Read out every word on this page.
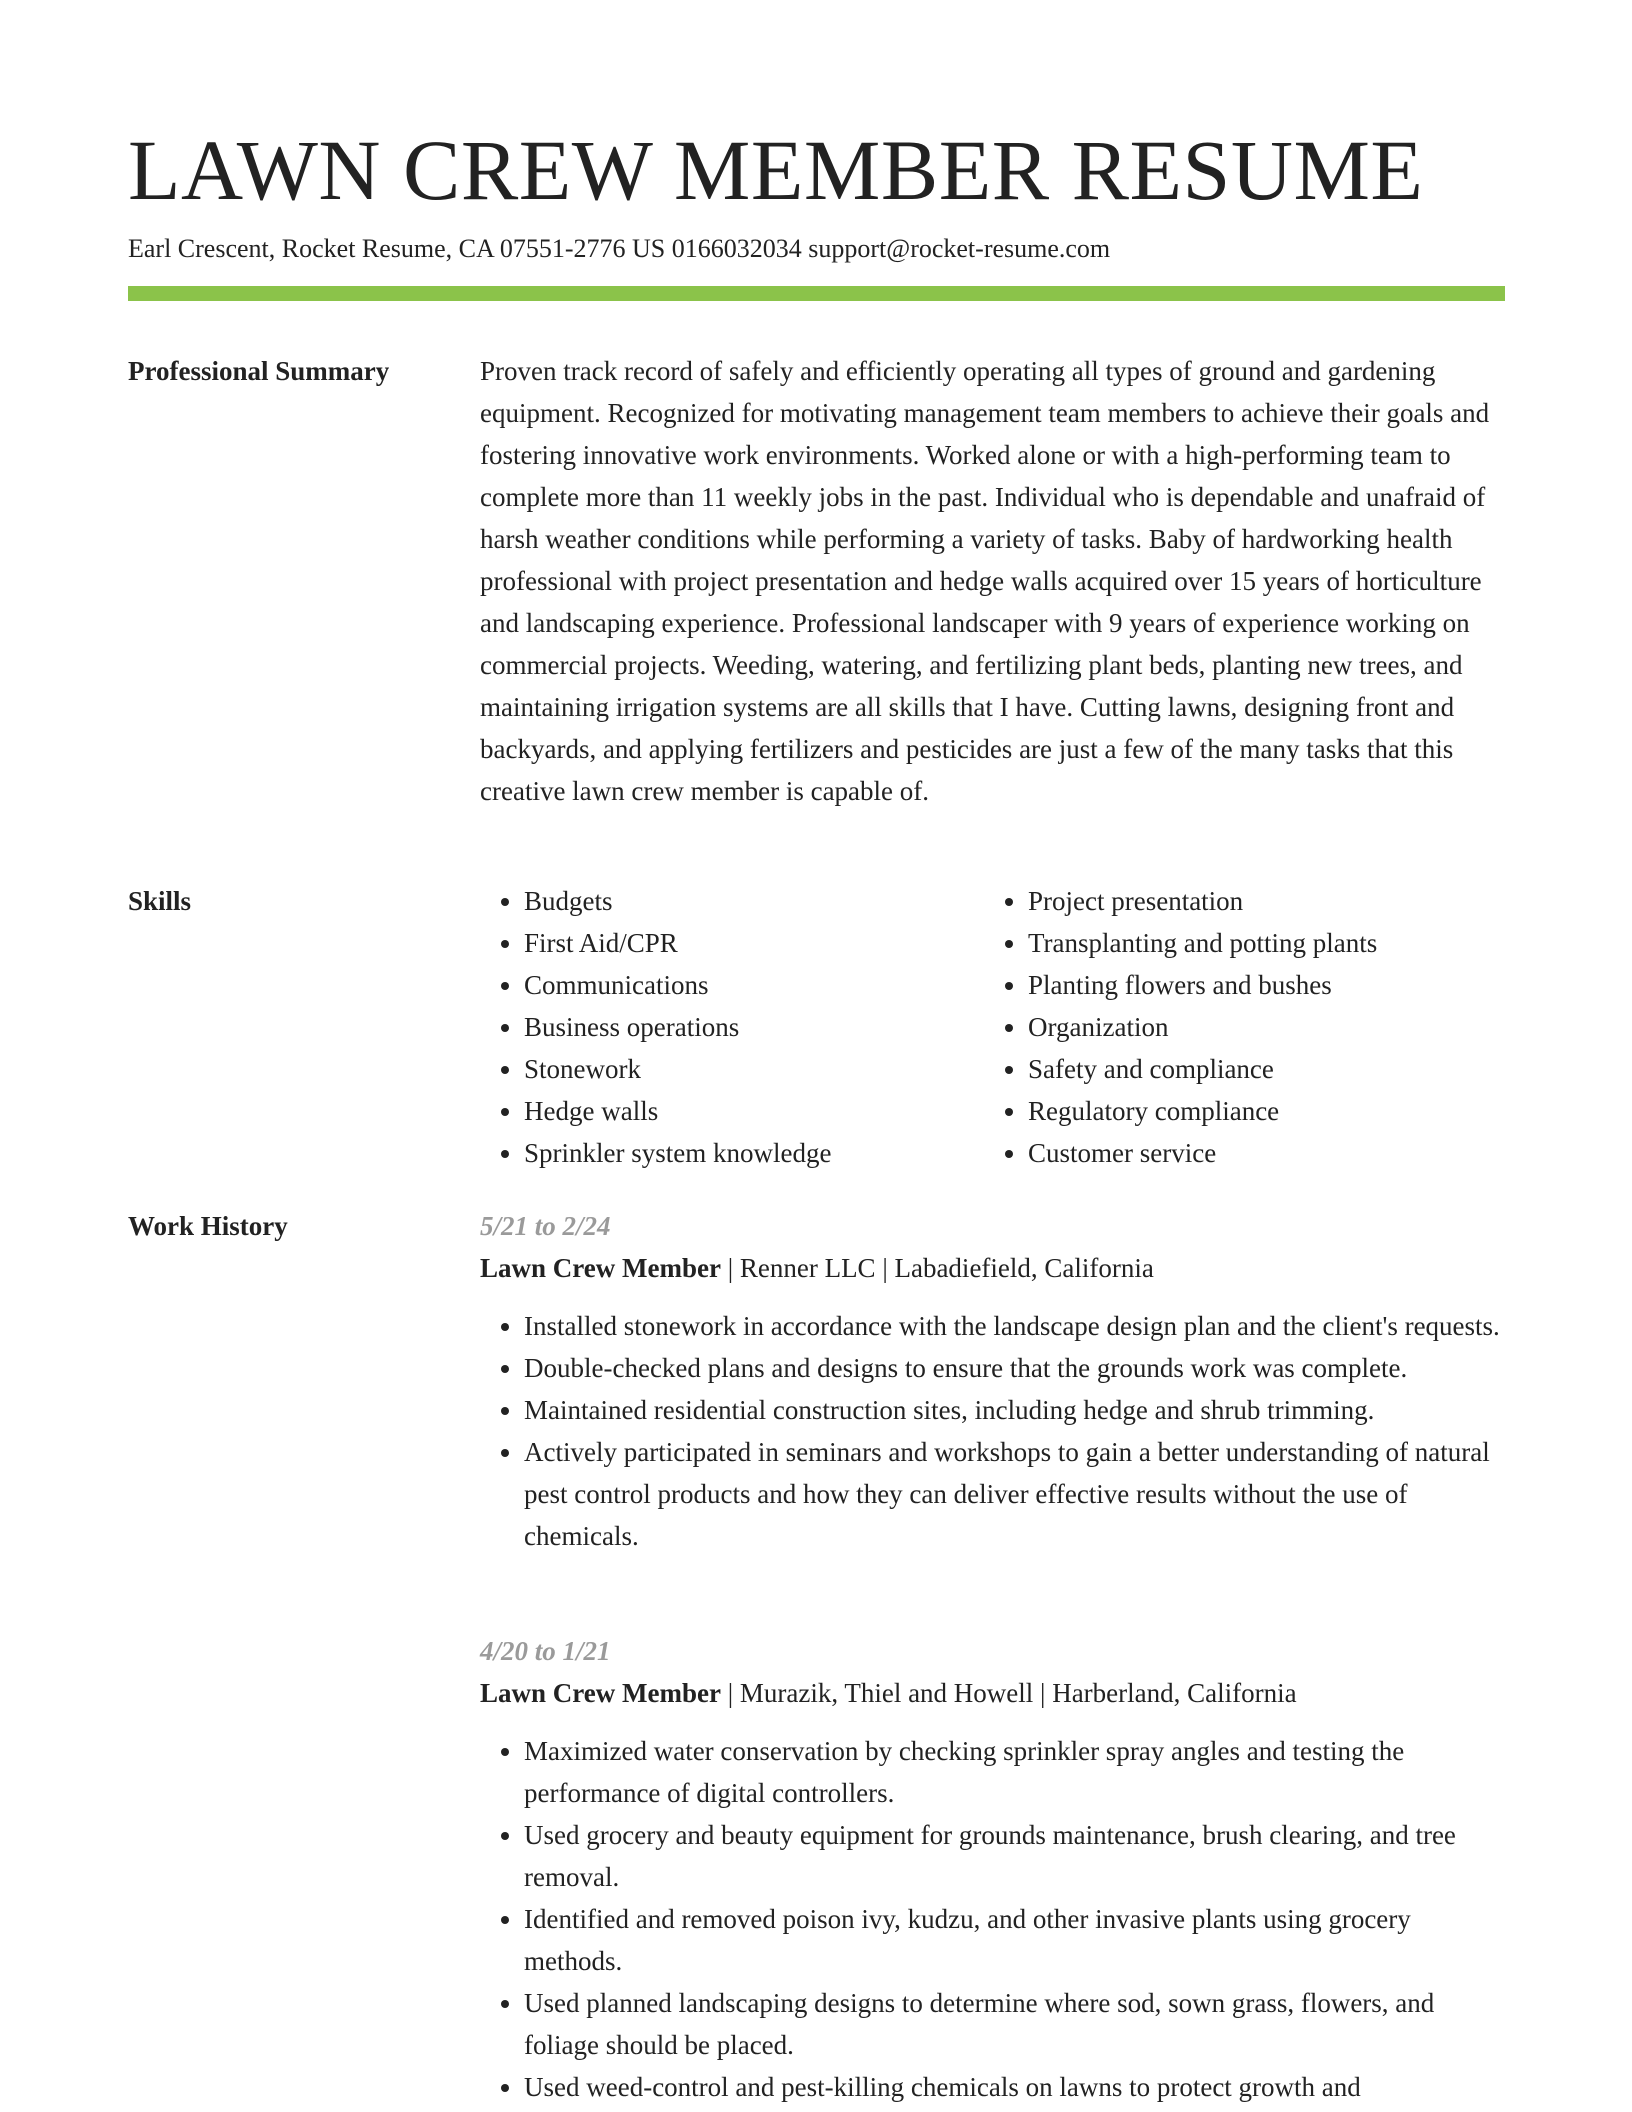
LAWN CREW MEMBER RESUME
Earl Crescent, Rocket Resume, CA 07551-2776 US 0166032034 support@rocket-resume.com
Professional Summary	Proven track record of safely and efficiently operating all types of ground and gardening equipment. Recognized for motivating management team members to achieve their goals and fostering innovative work environments. Worked alone or with a high-performing team to complete more than 11 weekly jobs in the past. Individual who is dependable and unafraid of harsh weather conditions while performing a variety of tasks. Baby of hardworking health professional with project presentation and hedge walls acquired over 15 years of horticulture and landscaping experience. Professional landscaper with 9 years of experience working on commercial projects. Weeding, watering, and fertilizing plant beds, planting new trees, and maintaining irrigation systems are all skills that I have. Cutting lawns, designing front and backyards, and applying fertilizers and pesticides are just a few of the many tasks that this creative lawn crew member is capable of.

Skills
•	Budgets
• First Aid/CPR
• Communications
• Business operations
• Stonework
• Hedge walls
• Sprinkler system knowledge
• Project presentation
• Transplanting and potting plants
• Planting flowers and bushes
• Organization
• Safety and compliance
• Regulatory compliance
• Customer service
Work History	5/21 to 2/24
Lawn Crew Member | Renner LLC | Labadiefield, California
• Installed stonework in accordance with the landscape design plan and the client's requests.
• Double-checked plans and designs to ensure that the grounds work was complete.
• Maintained residential construction sites, including hedge and shrub trimming.
• Actively participated in seminars and workshops to gain a better understanding of natural pest control products and how they can deliver effective results without the use of chemicals.
4/20 to 1/21
Lawn Crew Member | Murazik, Thiel and Howell | Harberland, California
• Maximized water conservation by checking sprinkler spray angles and testing the performance of digital controllers.
• Used grocery and beauty equipment for grounds maintenance, brush clearing, and tree removal.
• Identified and removed poison ivy, kudzu, and other invasive plants using grocery methods.
• Used planned landscaping designs to determine where sod, sown grass, flowers, and foliage should be placed.
• Used weed-control and pest-killing chemicals on lawns to protect growth and
